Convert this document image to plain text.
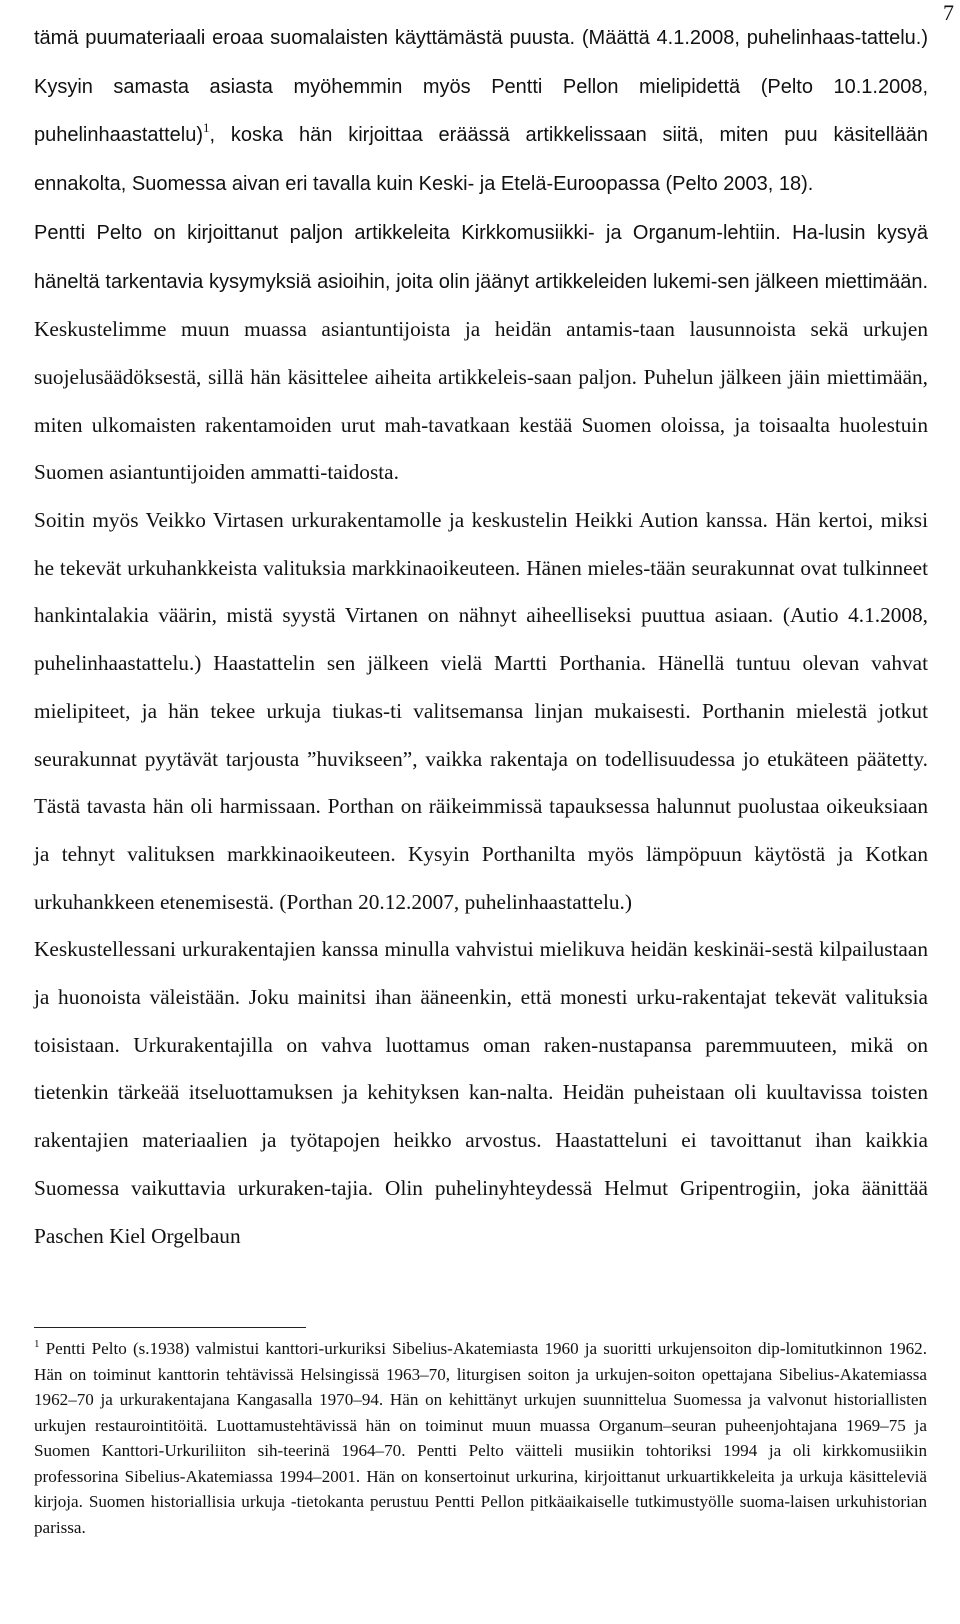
7

tämä puumateriaali eroaa suomalaisten käyttämästä puusta. (Määttä 4.1.2008, puhelinhaas-tattelu.) Kysyin samasta asiasta myöhemmin myös Pentti Pellon mielipidettä (Pelto 10.1.2008, puhelinhaastattelu)$^1$, koska hän kirjoittaa eräässä artikkelissaan siitä, miten puu käsitellään ennakolta, Suomessa aivan eri tavalla kuin Keski- ja Etelä-Euroopassa (Pelto 2003, 18).

Pentti Pelto on kirjoittanut paljon artikkeleita Kirkkomusiikki- ja Organum-lehtiin. Ha-lusin kysyä häneltä tarkentavia kysymyksiä asioihin, joita olin jäänyt artikkeleiden lukemi-sen jälkeen miettimään. Keskustelimme muun muassa asiantuntijoista ja heidän antamis-taan lausunnoista sekä urkujen suojelusäädöksestä, sillä hän käsittelee aiheita artikkeleis-saan paljon. Puhelun jälkeen jäin miettimään, miten ulkomaisten rakentamoiden urut mah-tavatkaan kestää Suomen oloissa, ja toisaalta huolestuin Suomen asiantuntijoiden ammatti-taidosta.

Soitin myös Veikko Virtasen urkurakentamolle ja keskustelin Heikki Aution kanssa. Hän kertoi, miksi he tekevät urkuhankkeista valituksia markkinaoikeuteen. Hänen mieles-tään seurakunnat ovat tulkinneet hankintalakia väärin, mistä syystä Virtanen on nähnyt aiheelliseksi puuttua asiaan. (Autio 4.1.2008, puhelinhaastattelu.) Haastattelin sen jälkeen vielä Martti Porthania. Hänellä tuntuu olevan vahvat mielipiteet, ja hän tekee urkuja tiukas-ti valitsemansa linjan mukaisesti. Porthanin mielestä jotkut seurakunnat pyytävät tarjousta ”huvikseen”, vaikka rakentaja on todellisuudessa jo etukäteen päätetty. Tästä tavasta hän oli harmissaan. Porthan on räikeimmissä tapauksessa halunnut puolustaa oikeuksiaan ja tehnyt valituksen markkinaoikeuteen. Kysyin Porthanilta myös lämpöpuun käytöstä ja Kotkan urkuhankkeen etenemisestä. (Porthan 20.12.2007, puhelinhaastattelu.)

Keskustellessani urkurakentajien kanssa minulla vahvistui mielikuva heidän keskinäi-sestä kilpailustaan ja huonoista väleistään. Joku mainitsi ihan ääneenkin, että monesti urku-rakentajat tekevät valituksia toisistaan. Urkurakentajilla on vahva luottamus oman raken-nustapansa paremmuuteen, mikä on tietenkin tärkeää itseluottamuksen ja kehityksen kan-nalta. Heidän puheistaan oli kuultavissa toisten rakentajien materiaalien ja työtapojen heikko arvostus. Haastatteluni ei tavoittanut ihan kaikkia Suomessa vaikuttavia urkuraken-tajia. Olin puhelinyhteydessä Helmut Gripentrogiin, joka äänittää Paschen Kiel Orgelbaun

$^1$ Pentti Pelto (s.1938) valmistui kanttori-urkuriksi Sibelius-Akatemiasta 1960 ja suoritti urkujensoiton dip-lomitutkinnon 1962. Hän on toiminut kanttorin tehtävissä Helsingissä 1963–70, liturgisen soiton ja urkujen-soiton opettajana Sibelius-Akatemiassa 1962–70 ja urkurakentajana Kangasalla 1970–94. Hän on kehittänyt urkujen suunnittelua Suomessa ja valvonut historiallisten urkujen restaurointitöitä. Luottamustehtävissä hän on toiminut muun muassa Organum–seuran puheenjohtajana 1969–75 ja Suomen Kanttori-Urkuriliiton sih-teerinä 1964–70. Pentti Pelto väitteli musiikin tohtoriksi 1994 ja oli kirkkomusiikin professorina Sibelius-Akatemiassa 1994–2001. Hän on konsertoinut urkurina, kirjoittanut urkuartikkeleita ja urkuja käsitteleviä kirjoja. Suomen historiallisia urkuja -tietokanta perustuu Pentti Pellon pitkäaikaiselle tutkimustyölle suoma-laisen urkuhistorian parissa.
